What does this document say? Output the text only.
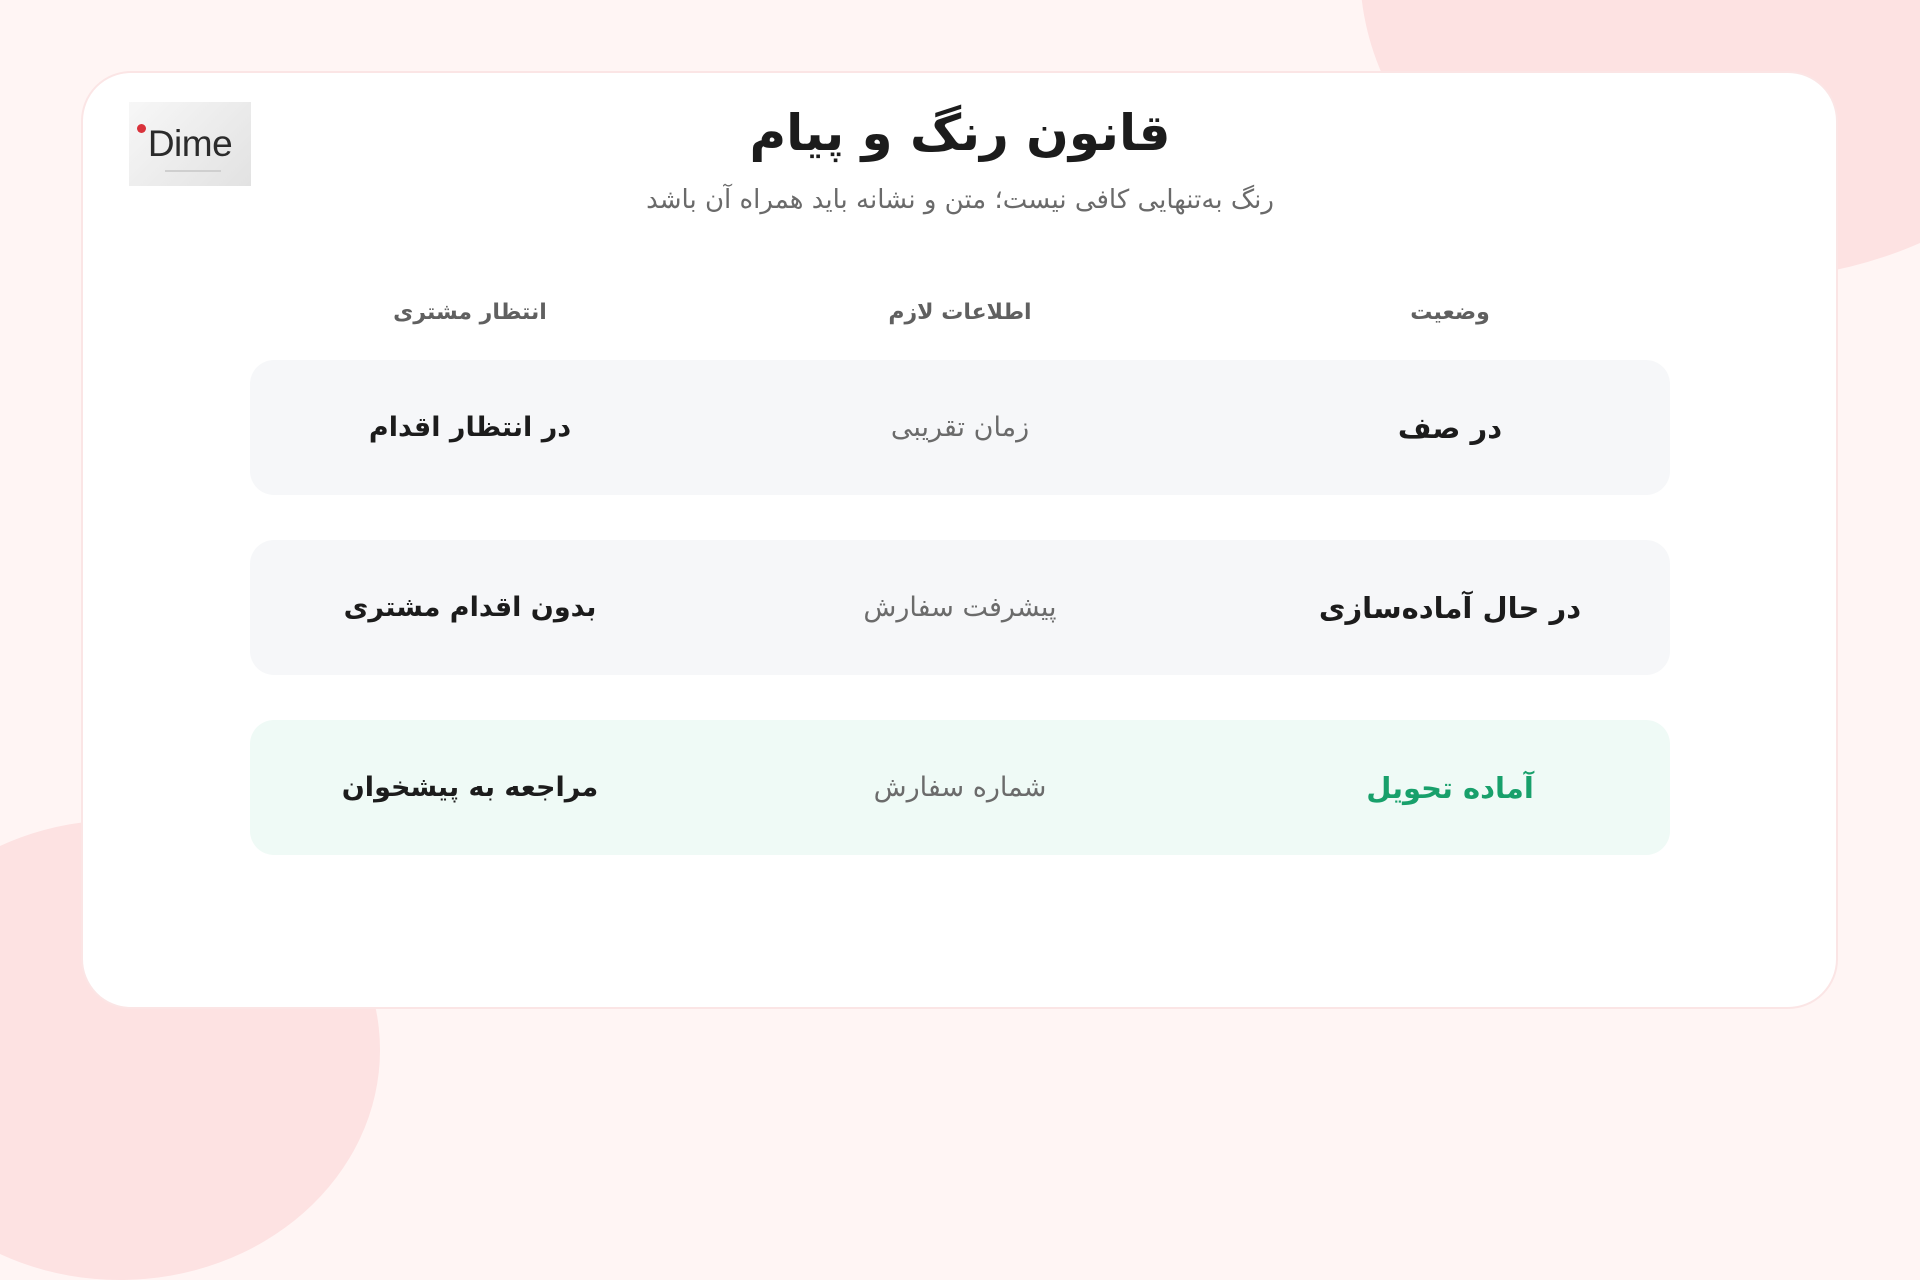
Dime	قانون رنگ و پیام
رنگ به‌تنهایی کافی نیست؛ متن و نشانه باید همراه آن باشد
وضعیت
اطلاعات لازم
انتظار مشتری
در صف
زمان تقریبی
در انتظار اقدام
در حال آماده‌سازی
پیشرفت سفارش
بدون اقدام مشتری
آماده تحویل
شماره سفارش
مراجعه به پیشخوان
